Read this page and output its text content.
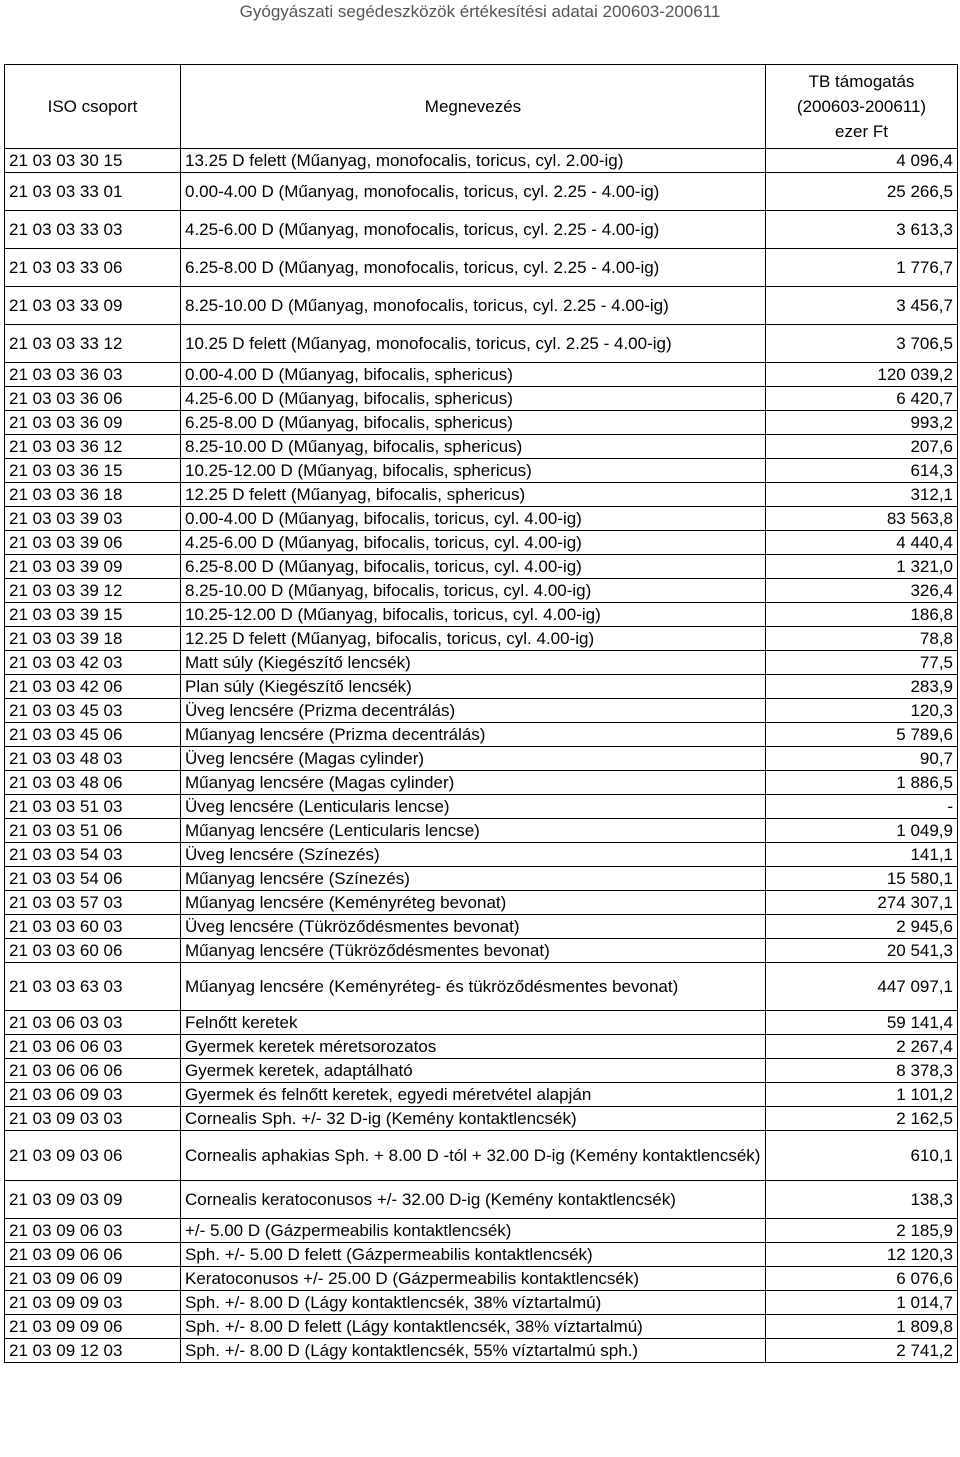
Gyógyászati segédeszközök értékesítési adatai 200603-200611
ISO csoport	Megnevezés	TB támogatás
(200603-200611)
ezer Ft

21 03 03 30 15	13.25 D felett (Műanyag, monofocalis, toricus, cyl. 2.00-ig)	4 096,4
21 03 03 33 01	0.00-4.00 D (Műanyag, monofocalis, toricus, cyl. 2.25 - 4.00-ig)	25 266,5
21 03 03 33 03	4.25-6.00 D (Műanyag, monofocalis, toricus, cyl. 2.25 - 4.00-ig)	3 613,3
21 03 03 33 06	6.25-8.00 D (Műanyag, monofocalis, toricus, cyl. 2.25 - 4.00-ig)	1 776,7
21 03 03 33 09	8.25-10.00 D (Műanyag, monofocalis, toricus, cyl. 2.25 - 4.00-ig)	3 456,7
21 03 03 33 12	10.25 D felett (Műanyag, monofocalis, toricus, cyl. 2.25 - 4.00-ig)	3 706,5
21 03 03 36 03	0.00-4.00 D (Műanyag, bifocalis, sphericus)	120 039,2
21 03 03 36 06	4.25-6.00 D (Műanyag, bifocalis, sphericus)	6 420,7
21 03 03 36 09	6.25-8.00 D (Műanyag, bifocalis, sphericus)	993,2
21 03 03 36 12	8.25-10.00 D (Műanyag, bifocalis, sphericus)	207,6
21 03 03 36 15	10.25-12.00 D (Műanyag, bifocalis, sphericus)	614,3
21 03 03 36 18	12.25 D felett (Műanyag, bifocalis, sphericus)	312,1
21 03 03 39 03	0.00-4.00 D (Műanyag, bifocalis, toricus, cyl. 4.00-ig)	83 563,8
21 03 03 39 06	4.25-6.00 D (Műanyag, bifocalis, toricus, cyl. 4.00-ig)	4 440,4
21 03 03 39 09	6.25-8.00 D (Műanyag, bifocalis, toricus, cyl. 4.00-ig)	1 321,0
21 03 03 39 12	8.25-10.00 D (Műanyag, bifocalis, toricus, cyl. 4.00-ig)	326,4
21 03 03 39 15	10.25-12.00 D (Műanyag, bifocalis, toricus, cyl. 4.00-ig)	186,8
21 03 03 39 18	12.25 D felett (Műanyag, bifocalis, toricus, cyl. 4.00-ig)	78,8
21 03 03 42 03	Matt súly (Kiegészítő lencsék)	77,5
21 03 03 42 06	Plan súly (Kiegészítő lencsék)	283,9
21 03 03 45 03	Üveg lencsére (Prizma decentrálás)	120,3
21 03 03 45 06	Műanyag lencsére (Prizma decentrálás)	5 789,6
21 03 03 48 03	Üveg lencsére (Magas cylinder)	90,7
21 03 03 48 06	Műanyag lencsére (Magas cylinder)	1 886,5
21 03 03 51 03	Üveg lencsére (Lenticularis lencse)	-
21 03 03 51 06	Műanyag lencsére (Lenticularis lencse)	1 049,9
21 03 03 54 03	Üveg lencsére (Színezés)	141,1
21 03 03 54 06	Műanyag lencsére (Színezés)	15 580,1
21 03 03 57 03	Műanyag lencsére (Keményréteg bevonat)	274 307,1
21 03 03 60 03	Üveg lencsére (Tükröződésmentes bevonat)	2 945,6
21 03 03 60 06	Műanyag lencsére (Tükröződésmentes bevonat)	20 541,3
21 03 03 63 03	Műanyag lencsére (Keményréteg- és tükröződésmentes bevonat)	447 097,1
21 03 06 03 03	Felnőtt keretek	59 141,4
21 03 06 06 03	Gyermek keretek méretsorozatos	2 267,4
21 03 06 06 06	Gyermek keretek, adaptálható	8 378,3
21 03 06 09 03	Gyermek és felnőtt keretek, egyedi méretvétel alapján	1 101,2
21 03 09 03 03	Cornealis Sph. +/- 32 D-ig (Kemény kontaktlencsék)	2 162,5
21 03 09 03 06	Cornealis aphakias Sph. + 8.00 D -tól + 32.00 D-ig (Kemény kontaktlencsék)	610,1
21 03 09 03 09	Cornealis keratoconusos +/- 32.00 D-ig (Kemény kontaktlencsék)	138,3
21 03 09 06 03	+/- 5.00 D (Gázpermeabilis kontaktlencsék)	2 185,9
21 03 09 06 06	Sph. +/- 5.00 D felett (Gázpermeabilis kontaktlencsék)	12 120,3
21 03 09 06 09	Keratoconusos +/- 25.00 D (Gázpermeabilis kontaktlencsék)	6 076,6
21 03 09 09 03	Sph. +/- 8.00 D (Lágy kontaktlencsék, 38% víztartalmú)	1 014,7
21 03 09 09 06	Sph. +/- 8.00 D felett (Lágy kontaktlencsék, 38% víztartalmú)	1 809,8
21 03 09 12 03	Sph. +/- 8.00 D (Lágy kontaktlencsék, 55% víztartalmú sph.)	2 741,2
